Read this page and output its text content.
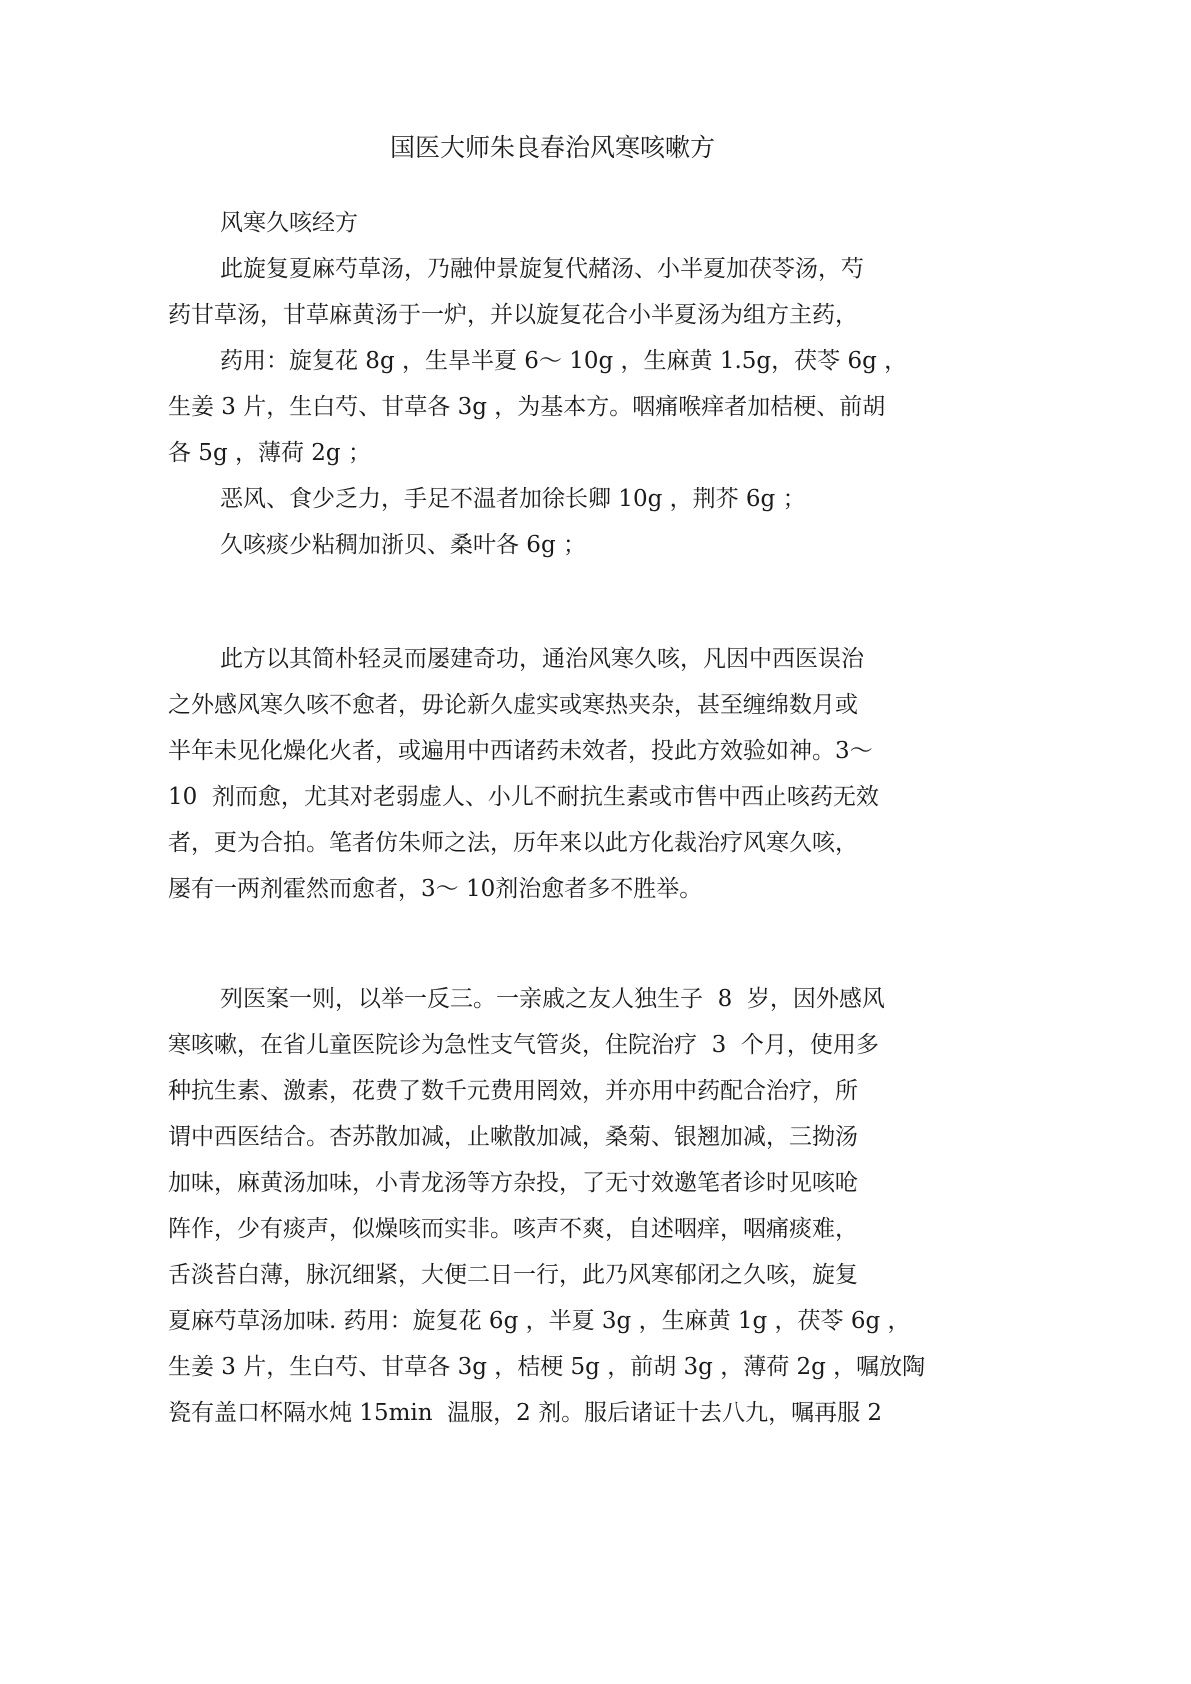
国医大师朱良春治风寒咳嗽方
风寒久咳经方
此旋复夏麻芍草汤，乃融仲景旋复代赭汤、小半夏加茯苓汤，芍
药甘草汤，甘草麻黄汤于一炉，并以旋复花合小半夏汤为组方主药，
药用：旋复花 8g ，生旱半夏 6～ 10g ，生麻黄 1.5g，茯苓 6g ，
生姜 3 片，生白芍、甘草各 3g ，为基本方。咽痛喉痒者加桔梗、前胡
各 5g ，薄荷 2g ；
恶风、食少乏力，手足不温者加徐长卿 10g ，荆芥 6g ；
久咳痰少粘稠加浙贝、桑叶各 6g ；
此方以其简朴轻灵而屡建奇功，通治风寒久咳，凡因中西医误治
之外感风寒久咳不愈者，毋论新久虚实或寒热夹杂，甚至缠绵数月或
半年未见化燥化火者，或遍用中西诸药未效者，投此方效验如神。3～
10  剂而愈，尤其对老弱虚人、小儿不耐抗生素或市售中西止咳药无效
者，更为合拍。笔者仿朱师之法，历年来以此方化裁治疗风寒久咳，
屡有一两剂霍然而愈者，3～ 10剂治愈者多不胜举。
列医案一则，以举一反三。一亲戚之友人独生子  8  岁，因外感风
寒咳嗽，在省儿童医院诊为急性支气管炎，住院治疗  3  个月，使用多
种抗生素、激素，花费了数千元费用罔效，并亦用中药配合治疗，所
谓中西医结合。杏苏散加减，止嗽散加减，桑菊、银翘加减，三拗汤
加味，麻黄汤加味，小青龙汤等方杂投，了无寸效邀笔者诊时见咳呛
阵作，少有痰声，似燥咳而实非。咳声不爽，自述咽痒，咽痛痰难，
舌淡苔白薄，脉沉细紧，大便二日一行，此乃风寒郁闭之久咳，旋复
夏麻芍草汤加味. 药用：旋复花 6g ，半夏 3g ，生麻黄 1g ，茯苓 6g ，
生姜 3 片，生白芍、甘草各 3g ，桔梗 5g ，前胡 3g ，薄荷 2g ，嘱放陶
瓷有盖口杯隔水炖 15min  温服，2 剂。服后诸证十去八九，嘱再服 2
